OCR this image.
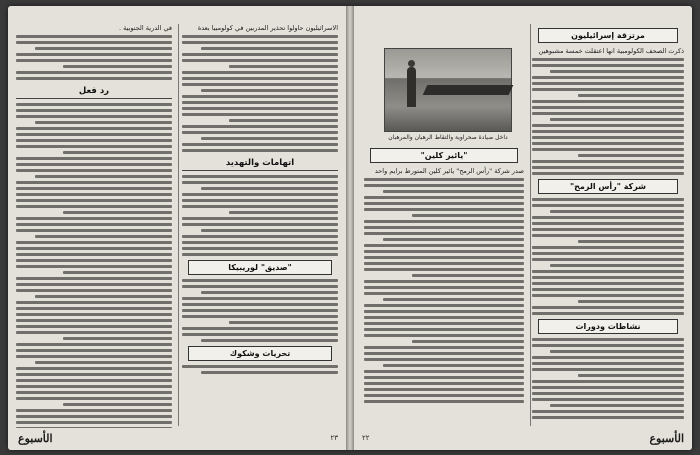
الاسرائيليون حاولوا تحذير المدربين في كولومبيا بعدة
اتهامات والتهديد
"صديق" لوريبيكا
تحريات وشكوك
في الدرية الجنوبية .
رد فعل
الأسبوع	٢٣
داخل صيادة صحراوية والتقاط الرهبان والمرهبان
"يائير كلين"
صدر شركة "رأس الرمح" يائير كلين المتورط برايم واحد
مرتزقة إسرائيليون
ذكرت الصحف الكولومبية انها اعتقلت خمسة مشبوهين
شركة "رأس الرمح"
نشاطات ودورات
٢٢	الأسبوع
